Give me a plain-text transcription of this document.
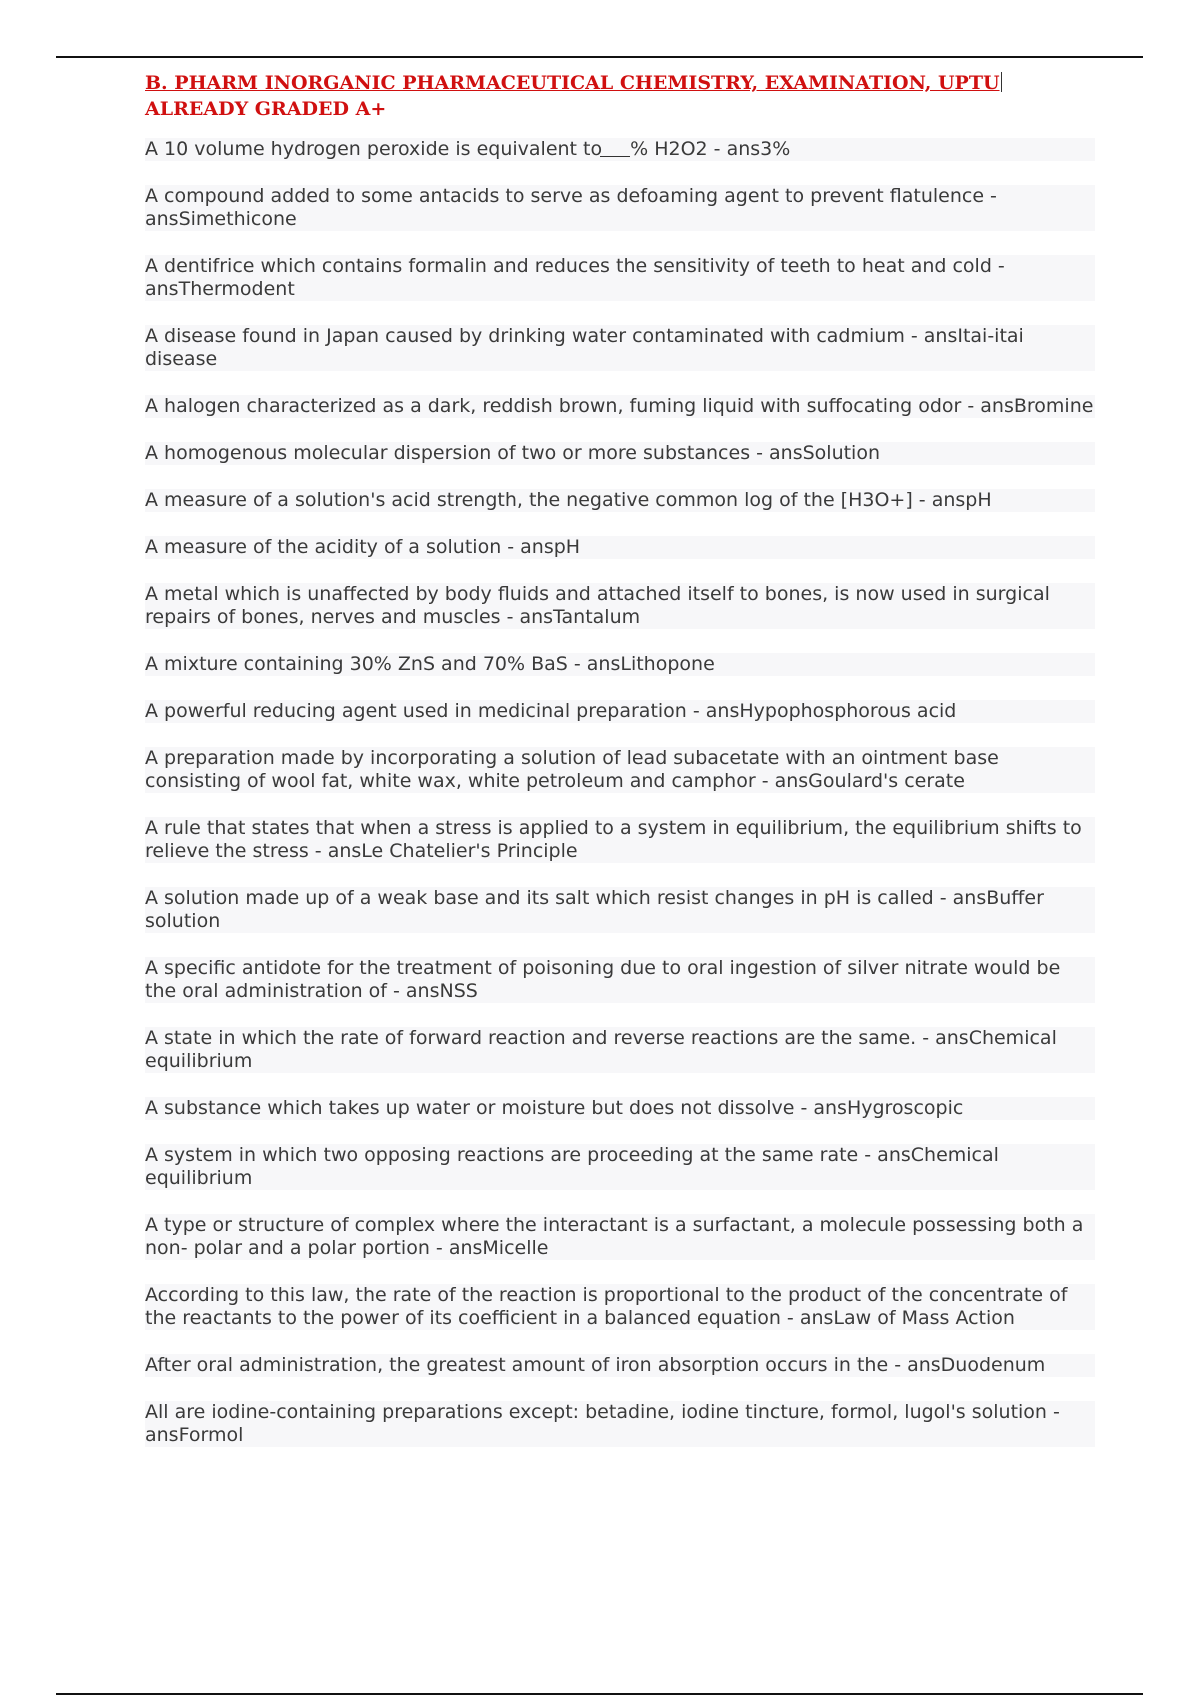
B. PHARM INORGANIC PHARMACEUTICAL CHEMISTRY, EXAMINATION, UPTUALREADY GRADED A+
A 10 volume hydrogen peroxide is equivalent to % H2O2 - ans3%
A compound added to some antacids to serve as defoaming agent to prevent flatulence - ansSimethicone
A dentifrice which contains formalin and reduces the sensitivity of teeth to heat and cold - ansThermodent
A disease found in Japan caused by drinking water contaminated with cadmium - ansItai-itai disease
A halogen characterized as a dark, reddish brown, fuming liquid with suffocating odor - ansBromine
A homogenous molecular dispersion of two or more substances - ansSolution
A measure of a solution's acid strength, the negative common log of the [H3O+] - anspH
A measure of the acidity of a solution - anspH
A metal which is unaffected by body fluids and attached itself to bones, is now used in surgical repairs of bones, nerves and muscles - ansTantalum
A mixture containing 30% ZnS and 70% BaS - ansLithopone
A powerful reducing agent used in medicinal preparation - ansHypophosphorous acid
A preparation made by incorporating a solution of lead subacetate with an ointment base consisting of wool fat, white wax, white petroleum and camphor - ansGoulard's cerate
A rule that states that when a stress is applied to a system in equilibrium, the equilibrium shifts to relieve the stress - ansLe Chatelier's Principle
A solution made up of a weak base and its salt which resist changes in pH is called - ansBuffer solution
A specific antidote for the treatment of poisoning due to oral ingestion of silver nitrate would be the oral administration of - ansNSS
A state in which the rate of forward reaction and reverse reactions are the same. - ansChemical equilibrium
A substance which takes up water or moisture but does not dissolve - ansHygroscopic
A system in which two opposing reactions are proceeding at the same rate - ansChemical equilibrium
A type or structure of complex where the interactant is a surfactant, a molecule possessing both a non- polar and a polar portion - ansMicelle
According to this law, the rate of the reaction is proportional to the product of the concentrate of the reactants to the power of its coefficient in a balanced equation - ansLaw of Mass Action
After oral administration, the greatest amount of iron absorption occurs in the - ansDuodenum
All are iodine-containing preparations except: betadine, iodine tincture, formol, lugol's solution - ansFormol
